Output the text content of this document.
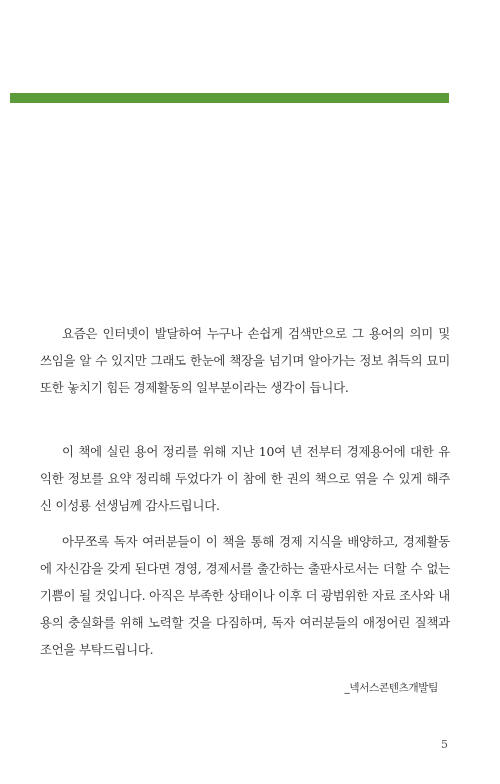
요즘은 인터넷이 발달하여 누구나 손쉽게 검색만으로 그 용어의 의미 및 쓰임을 알 수 있지만 그래도 한눈에 책장을 넘기며 알아가는 정보 취득의 묘미 또한 놓치기 힘든 경제활동의 일부분이라는 생각이 듭니다.

이 책에 실린 용어 정리를 위해 지난 10여 년 전부터 경제용어에 대한 유익한 정보를 요약 정리해 두었다가 이 참에 한 권의 책으로 엮을 수 있게 해주신 이성룡 선생님께 감사드립니다.

아무쪼록 독자 여러분들이 이 책을 통해 경제 지식을 배양하고, 경제활동에 자신감을 갖게 된다면 경영, 경제서를 출간하는 출판사로서는 더할 수 없는 기쁨이 될 것입니다. 아직은 부족한 상태이나 이후 더 광범위한 자료 조사와 내용의 충실화를 위해 노력할 것을 다짐하며, 독자 여러분들의 애정어린 질책과 조언을 부탁드립니다.

_넥서스콘텐츠개발팀
5
